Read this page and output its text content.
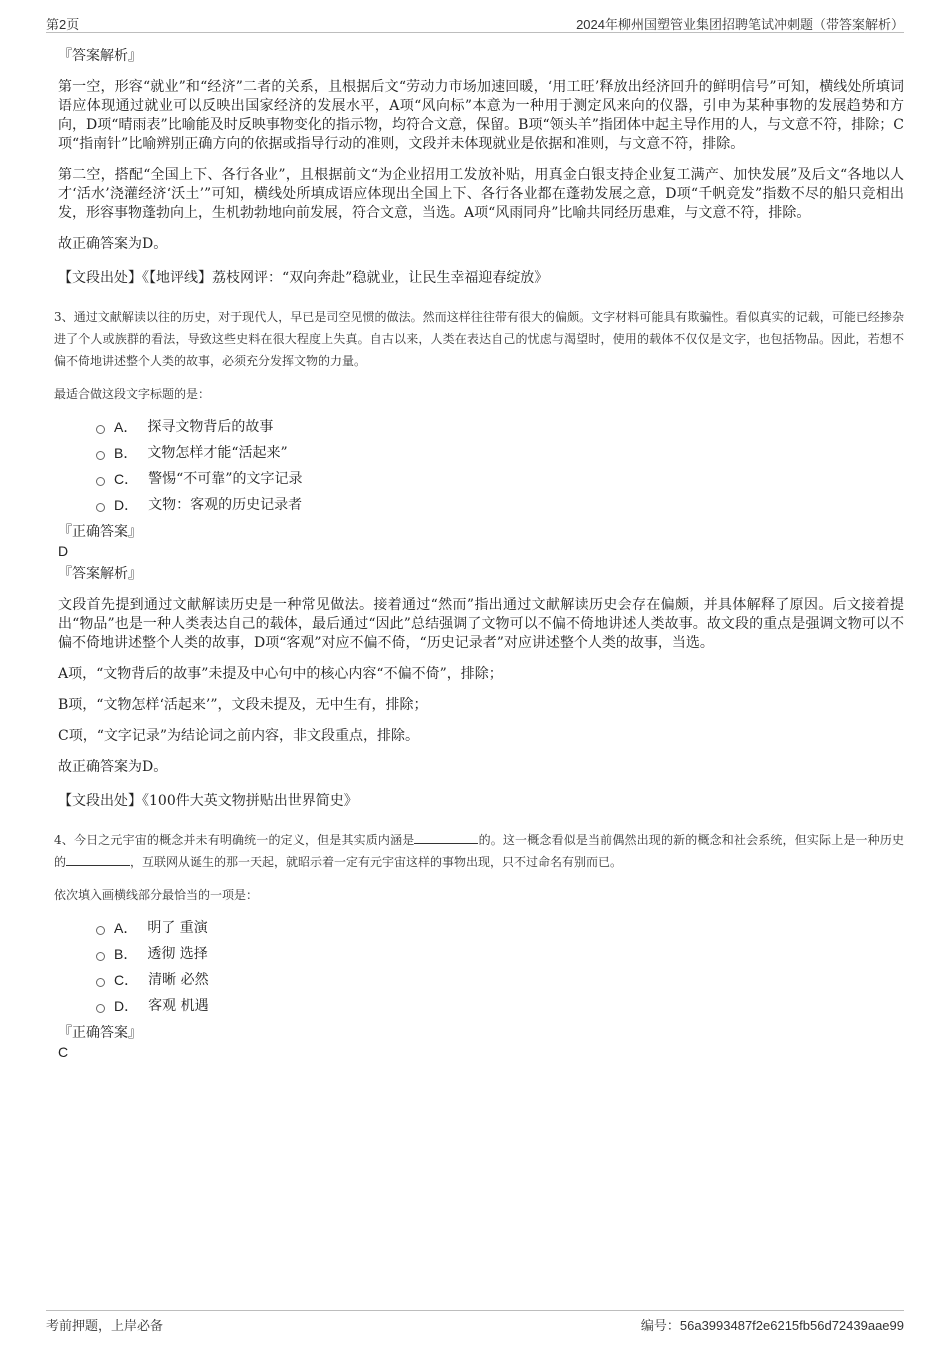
第2页	2024年柳州国塑管业集团招聘笔试冲刺题（带答案解析）
『答案解析』

第一空，形容“就业”和“经济”二者的关系，且根据后文“劳动力市场加速回暖，‘用工旺’释放出经济回升的鲜明信号”可知，横线处所填词语应体现通过就业可以反映出国家经济的发展水平，A项“风向标”本意为一种用于测定风来向的仪器，引申为某种事物的发展趋势和方向，D项“晴雨表”比喻能及时反映事物变化的指示物，均符合文意，保留。B项“领头羊”指团体中起主导作用的人，与文意不符，排除；C项“指南针”比喻辨别正确方向的依据或指导行动的准则，文段并未体现就业是依据和准则，与文意不符，排除。

第二空，搭配“全国上下、各行各业”，且根据前文“为企业招用工发放补贴，用真金白银支持企业复工满产、加快发展”及后文“各地以人才‘活水’浇灌经济‘沃土’”可知，横线处所填成语应体现出全国上下、各行各业都在蓬勃发展之意，D项“千帆竞发”指数不尽的船只竞相出发，形容事物蓬勃向上，生机勃勃地向前发展，符合文意，当选。A项“风雨同舟”比喻共同经历患难，与文意不符，排除。

故正确答案为D。

【文段出处】《【地评线】荔枝网评：“双向奔赴”稳就业，让民生幸福迎春绽放》

3、通过文献解读以往的历史，对于现代人，早已是司空见惯的做法。然而这样往往带有很大的偏颇。文字材料可能具有欺骗性。看似真实的记载，可能已经掺杂进了个人或族群的看法，导致这些史料在很大程度上失真。自古以来，人类在表达自己的忧虑与渴望时，使用的载体不仅仅是文字，也包括物品。因此，若想不偏不倚地讲述整个人类的故事，必须充分发挥文物的力量。

最适合做这段文字标题的是：

A． 探寻文物背后的故事
B． 文物怎样才能“活起来”
C． 警惕“不可靠”的文字记录
D． 文物：客观的历史记录者
『正确答案』
D
『答案解析』

文段首先提到通过文献解读历史是一种常见做法。接着通过“然而”指出通过文献解读历史会存在偏颇，并具体解释了原因。后文接着提出“物品”也是一种人类表达自己的载体，最后通过“因此”总结强调了文物可以不偏不倚地讲述人类故事。故文段的重点是强调文物可以不偏不倚地讲述整个人类的故事，D项“客观”对应不偏不倚，“历史记录者”对应讲述整个人类的故事，当选。

A项，“文物背后的故事”未提及中心句中的核心内容“不偏不倚”，排除；

B项，“文物怎样‘活起来’”，文段未提及，无中生有，排除；

C项，“文字记录”为结论词之前内容，非文段重点，排除。

故正确答案为D。

【文段出处】《100件大英文物拼贴出世界简史》

4、今日之元宇宙的概念并未有明确统一的定义，但是其实质内涵是	的。这一概念看似是当前偶然出现的新的概念和社会系统，但实际上是一种历史的	，互联网从诞生的那一天起，就昭示着一定有元宇宙这样的事物出现，只不过命名有别而已。

依次填入画横线部分最恰当的一项是：

A． 明了 重演
B． 透彻 选择
C． 清晰 必然
D． 客观 机遇
『正确答案』
C
考前押题，上岸必备	编号：56a3993487f2e6215fb56d72439aae99
